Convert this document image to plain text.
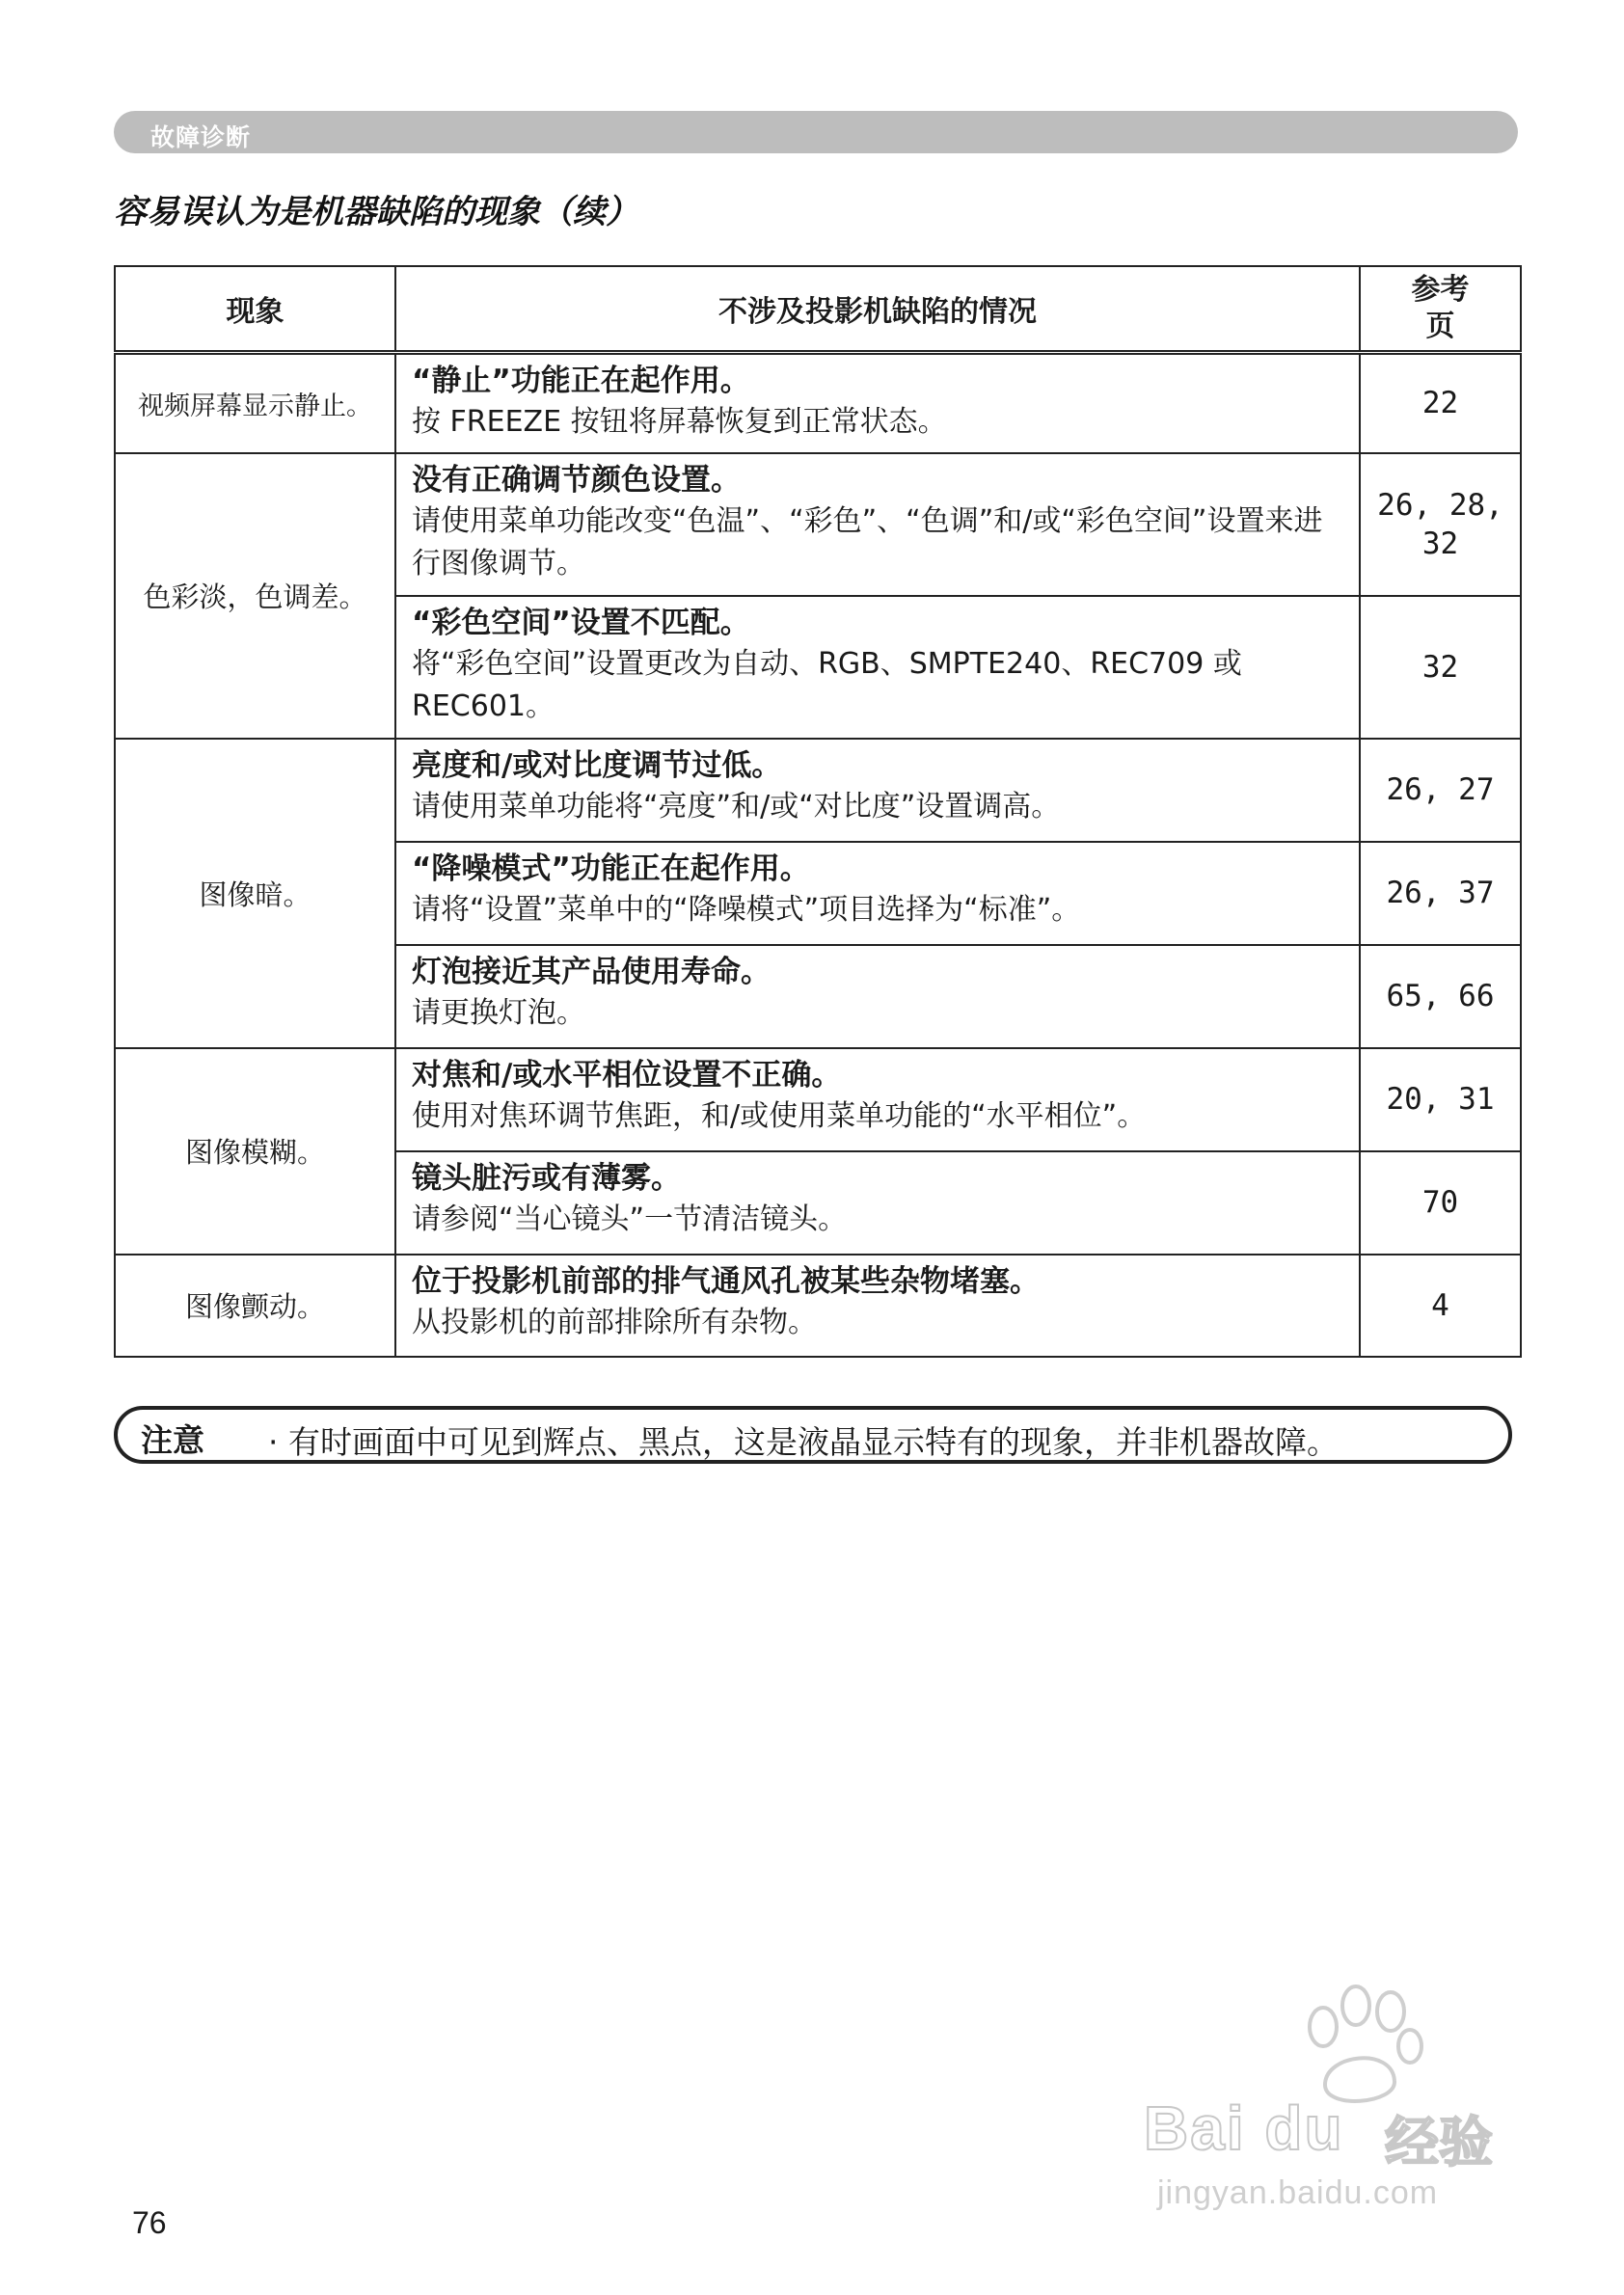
故障诊断
容易误认为是机器缺陷的现象（续）
现象	不涉及投影机缺陷的情况	参考
页
视频屏幕显示静止。	“静止”功能正在起作用。
按 FREEZE 按钮将屏幕恢复到正常状态。	22
色彩淡，色调差。	没有正确调节颜色设置。
请使用菜单功能改变“色温”、“彩色”、“色调”和/或“彩色空间”设置来进行图像调节。	26, 28,
32

	“彩色空间”设置不匹配。
将“彩色空间”设置更改为自动、RGB、SMPTE240、REC709 或 REC601。	32
图像暗。	亮度和/或对比度调节过低。
请使用菜单功能将“亮度”和/或“对比度”设置调高。	26, 27

	“降噪模式”功能正在起作用。
请将“设置”菜单中的“降噪模式”项目选择为“标准”。	26, 37

	灯泡接近其产品使用寿命。
请更换灯泡。	65, 66
图像模糊。	对焦和/或水平相位设置不正确。
使用对焦环调节焦距，和/或使用菜单功能的“水平相位”。	20, 31

	镜头脏污或有薄雾。
请参阅“当心镜头”一节清洁镜头。	70
图像颤动。	位于投影机前部的排气通风孔被某些杂物堵塞。
从投影机的前部排除所有杂物。	4
注意 · 有时画面中可见到辉点、黑点，这是液晶显示特有的现象，并非机器故障。
76
Bai du 经验
jingyan.baidu.com
